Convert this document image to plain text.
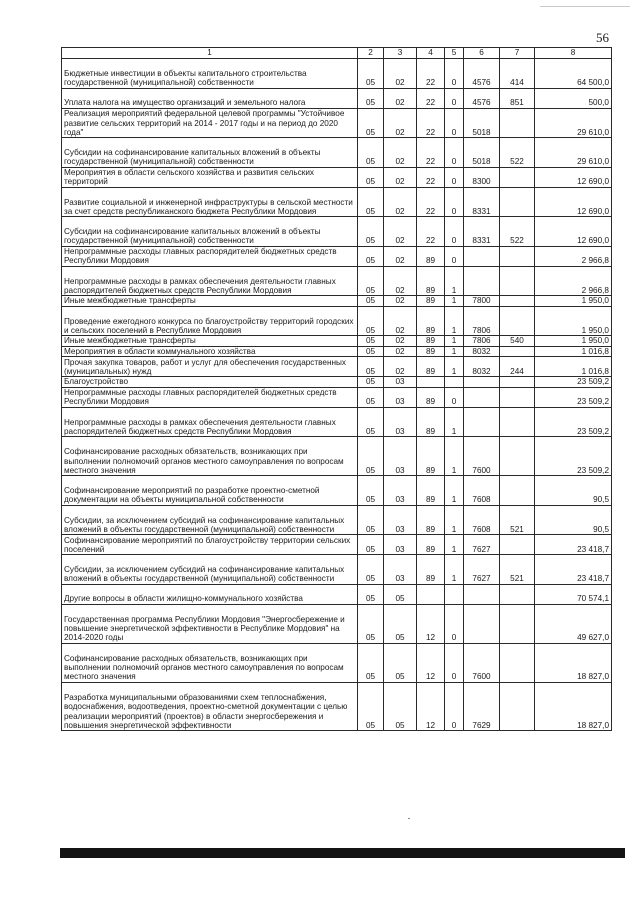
56
1	2	3	4	5	6	7	8
Бюджетные инвестиции в объекты капитального строительства государственной (муниципальной) собственности	05	02	22	0	4576	414	64 500,0
Уплата налога на имущество организаций и земельного налога	05	02	22	0	4576	851	500,0
Реализация мероприятий федеральной целевой программы "Устойчивое развитие сельских территорий на 2014 - 2017 годы и на период до 2020 года"	05	02	22	0	5018		29 610,0
Субсидии на софинансирование капитальных вложений в объекты государственной (муниципальной) собственности	05	02	22	0	5018	522	29 610,0
Мероприятия в области сельского хозяйства и развития сельских территорий	05	02	22	0	8300		12 690,0
Развитие социальной и инженерной инфраструктуры в сельской местности за счет средств республиканского бюджета Республики Мордовия	05	02	22	0	8331		12 690,0
Субсидии на софинансирование капитальных вложений в объекты государственной (муниципальной) собственности	05	02	22	0	8331	522	12 690,0
Непрограммные расходы главных распорядителей бюджетных средств Республики Мордовия	05	02	89	0			2 966,8
Непрограммные расходы в рамках обеспечения деятельности главных распорядителей бюджетных средств Республики Мордовия	05	02	89	1			2 966,8
Иные межбюджетные трансферты	05	02	89	1	7800		1 950,0
Проведение ежегодного конкурса по благоустройству территорий городских и сельских поселений в Республике Мордовия	05	02	89	1	7806		1 950,0
Иные межбюджетные трансферты	05	02	89	1	7806	540	1 950,0
Мероприятия в области коммунального хозяйства	05	02	89	1	8032		1 016,8
Прочая закупка товаров, работ и услуг для обеспечения государственных (муниципальных) нужд	05	02	89	1	8032	244	1 016,8
Благоустройство	05	03					23 509,2
Непрограммные расходы главных распорядителей бюджетных средств Республики Мордовия	05	03	89	0			23 509,2
Непрограммные расходы в рамках обеспечения деятельности главных распорядителей бюджетных средств Республики Мордовия	05	03	89	1			23 509,2
Софинансирование расходных обязательств, возникающих при выполнении полномочий органов местного самоуправления по вопросам местного значения	05	03	89	1	7600		23 509,2
Софинансирование мероприятий по разработке проектно-сметной документации на объекты муниципальной собственности	05	03	89	1	7608		90,5
Субсидии, за исключением субсидий на софинансирование капитальных вложений в объекты государственной (муниципальной) собственности	05	03	89	1	7608	521	90,5
Софинансирование мероприятий по благоустройству территории сельских поселений	05	03	89	1	7627		23 418,7
Субсидии, за исключением субсидий на софинансирование капитальных вложений в объекты государственной (муниципальной) собственности	05	03	89	1	7627	521	23 418,7
Другие вопросы в области жилищно-коммунального хозяйства	05	05					70 574,1
Государственная программа Республики Мордовия "Энергосбережение и повышение энергетической эффективности в Республике Мордовия" на 2014-2020 годы	05	05	12	0			49 627,0
Софинансирование расходных обязательств, возникающих при выполнении полномочий органов местного самоуправления по вопросам местного значения	05	05	12	0	7600		18 827,0
Разработка муниципальными образованиями схем теплоснабжения, водоснабжения, водоотведения, проектно-сметной документации с целью реализации мероприятий (проектов) в области энергосбережения и повышения энергетической эффективности	05	05	12	0	7629		18 827,0
